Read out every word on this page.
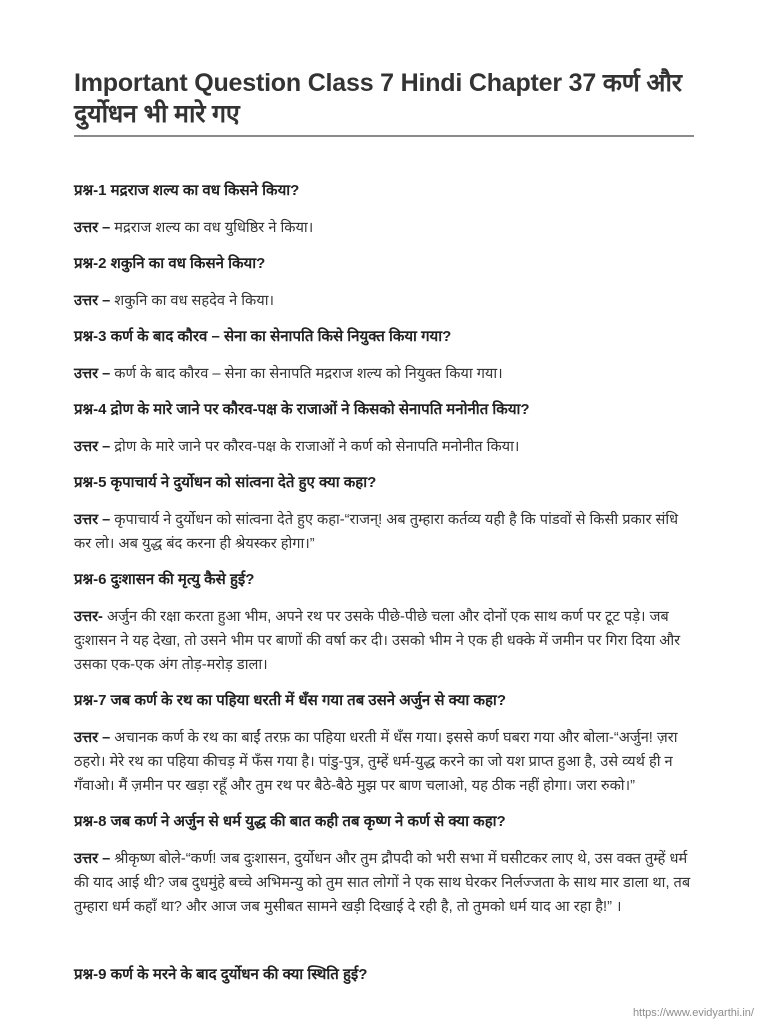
Important Question Class 7 Hindi Chapter 37 कर्ण और दुर्योधन भी मारे गए

प्रश्न-1 मद्रराज शल्य का वध किसने किया?

उत्तर – मद्रराज शल्य का वध युधिष्ठिर ने किया।

प्रश्न-2 शकुनि का वध किसने किया?

उत्तर – शकुनि का वध सहदेव ने किया।

प्रश्न-3 कर्ण के बाद कौरव – सेना का सेनापति किसे नियुक्त किया गया?

उत्तर – कर्ण के बाद कौरव – सेना का सेनापति मद्रराज शल्य को नियुक्त किया गया।

प्रश्न-4 द्रोण के मारे जाने पर कौरव-पक्ष के राजाओं ने किसको सेनापति मनोनीत किया?

उत्तर – द्रोण के मारे जाने पर कौरव-पक्ष के राजाओं ने कर्ण को सेनापति मनोनीत किया।

प्रश्न-5 कृपाचार्य ने दुर्योधन को सांत्वना देते हुए क्या कहा?

उत्तर – कृपाचार्य ने दुर्योधन को सांत्वना देते हुए कहा-“राजन्! अब तुम्हारा कर्तव्य यही है कि पांडवों से किसी प्रकार संधि कर लो। अब युद्ध बंद करना ही श्रेयस्कर होगा।”

प्रश्न-6 दुःशासन की मृत्यु कैसे हुई?

उत्तर- अर्जुन की रक्षा करता हुआ भीम, अपने रथ पर उसके पीछे-पीछे चला और दोनों एक साथ कर्ण पर टूट पड़े। जब दुःशासन ने यह देखा, तो उसने भीम पर बाणों की वर्षा कर दी। उसको भीम ने एक ही धक्के में जमीन पर गिरा दिया और उसका एक-एक अंग तोड़-मरोड़ डाला।

प्रश्न-7 जब कर्ण के रथ का पहिया धरती में धँस गया तब उसने अर्जुन से क्या कहा?

उत्तर – अचानक कर्ण के रथ का बाईं तरफ़ का पहिया धरती में धँस गया। इससे कर्ण घबरा गया और बोला-“अर्जुन! ज़रा ठहरो। मेरे रथ का पहिया कीचड़ में फँस गया है। पांडु-पुत्र, तुम्हें धर्म-युद्ध करने का जो यश प्राप्त हुआ है, उसे व्यर्थ ही न गँवाओ। मैं ज़मीन पर खड़ा रहूँ और तुम रथ पर बैठे-बैठे मुझ पर बाण चलाओ, यह ठीक नहीं होगा। जरा रुको।”

प्रश्न-8 जब कर्ण ने अर्जुन से धर्म युद्ध की बात कही तब कृष्ण ने कर्ण से क्या कहा?

उत्तर – श्रीकृष्ण बोले-“कर्ण! जब दुःशासन, दुर्योधन और तुम द्रौपदी को भरी सभा में घसीटकर लाए थे, उस वक्त तुम्हें धर्म की याद आई थी? जब दुधमुंहे बच्चे अभिमन्यु को तुम सात लोगों ने एक साथ घेरकर निर्लज्जता के साथ मार डाला था, तब तुम्हारा धर्म कहाँ था? और आज जब मुसीबत सामने खड़ी दिखाई दे रही है, तो तुमको धर्म याद आ रहा है!” ।

प्रश्न-9 कर्ण के मरने के बाद दुर्योधन की क्या स्थिति हुई?

https://www.evidyarthi.in/
